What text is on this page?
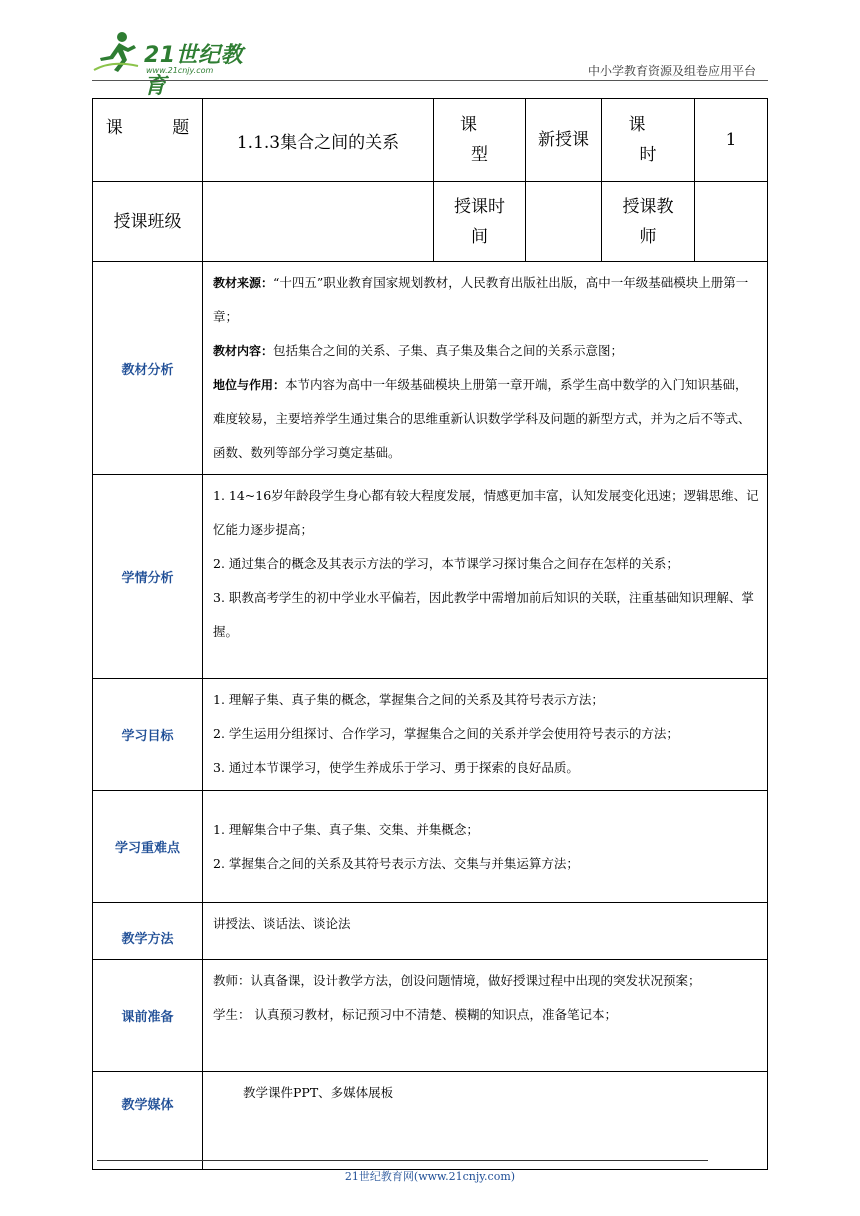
21世纪教育
www.21cnjy.com	中小学教育资源及组卷应用平台
课 题	1.1.3集合之间的关系	课 型	新授课	课 时	1
授课班级		授课时间		授课教师	
教材分析	教材来源：“十四五”职业教育国家规划教材，人民教育出版社出版，高中一年级基础模块上册第一章；

教材内容：包括集合之间的关系、子集、真子集及集合之间的关系示意图；

地位与作用：本节内容为高中一年级基础模块上册第一章开端，系学生高中数学的入门知识基础，难度较易，主要培养学生通过集合的思维重新认识数学学科及问题的新型方式，并为之后不等式、函数、数列等部分学习奠定基础。				

学情分析	1. 14~16岁年龄段学生身心都有较大程度发展，情感更加丰富，认知发展变化迅速；逻辑思维、记忆能力逐步提高；

2. 通过集合的概念及其表示方法的学习，本节课学习探讨集合之间存在怎样的关系；

3. 职教高考学生的初中学业水平偏若，因此教学中需增加前后知识的关联，注重基础知识理解、掌握。				

学习目标	1. 理解子集、真子集的概念，掌握集合之间的关系及其符号表示方法；

2. 学生运用分组探讨、合作学习，掌握集合之间的关系并学会使用符号表示的方法；

3. 通过本节课学习，使学生养成乐于学习、勇于探索的良好品质。				

学习重难点	1. 理解集合中子集、真子集、交集、并集概念；

2. 掌握集合之间的关系及其符号表示方法、交集与并集运算方法；				

教学方法	讲授法、谈话法、谈论法				

课前准备	教师：认真备课，设计教学方法，创设问题情境，做好授课过程中出现的突发状况预案；

学生： 认真预习教材，标记预习中不清楚、模糊的知识点，准备笔记本；				

教学媒体	教学课件PPT、多媒体展板				

21世纪教育网(www.21cnjy.com)
